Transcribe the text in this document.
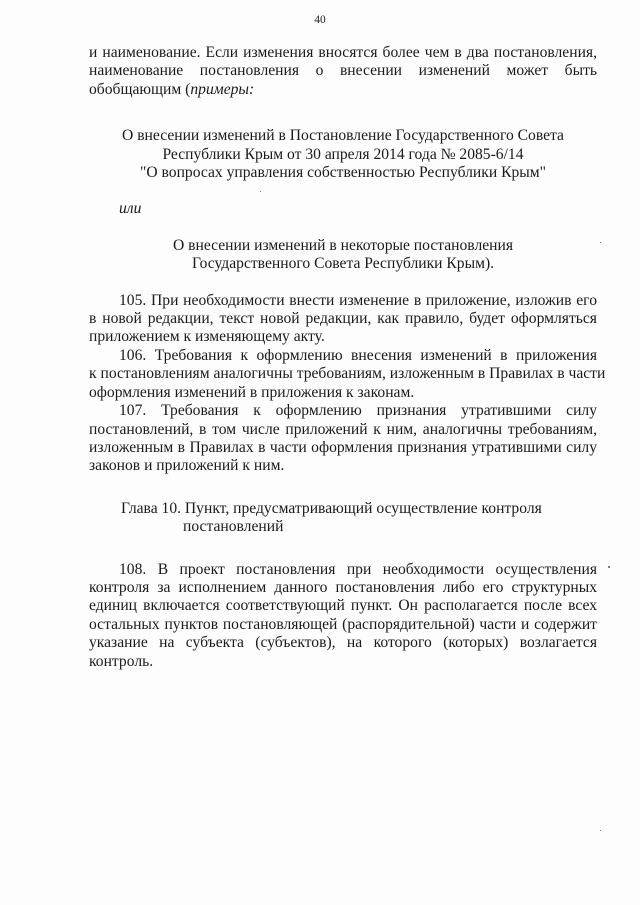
40

и наименование. Если изменения вносятся более чем в два постановления,

наименование постановления о внесении изменений может быть

обобщающим (примеры:

О внесении изменений в Постановление Государственного Совета

Республики Крым от 30 апреля 2014 года № 2085-6/14

"О вопросах управления собственностью Республики Крым"

или

О внесении изменений в некоторые постановления

Государственного Совета Республики Крым).

105. При необходимости внести изменение в приложение, изложив его

в новой редакции, текст новой редакции, как правило, будет оформляться

приложением к изменяющему акту.

106. Требования к оформлению внесения изменений в приложения

к постановлениям аналогичны требованиям, изложенным в Правилах в части

оформления изменений в приложения к законам.

107. Требования к оформлению признания утратившими силу

постановлений, в том числе приложений к ним, аналогичны требованиям,

изложенным в Правилах в части оформления признания утратившими силу

законов и приложений к ним.

Глава 10. Пункт, предусматривающий осуществление контроля

постановлений

108. В проект постановления при необходимости осуществления

контроля за исполнением данного постановления либо его структурных

единиц включается соответствующий пункт. Он располагается после всех

остальных пунктов постановляющей (распорядительной) части и содержит

указание на субъекта (субъектов), на которого (которых) возлагается

контроль.
